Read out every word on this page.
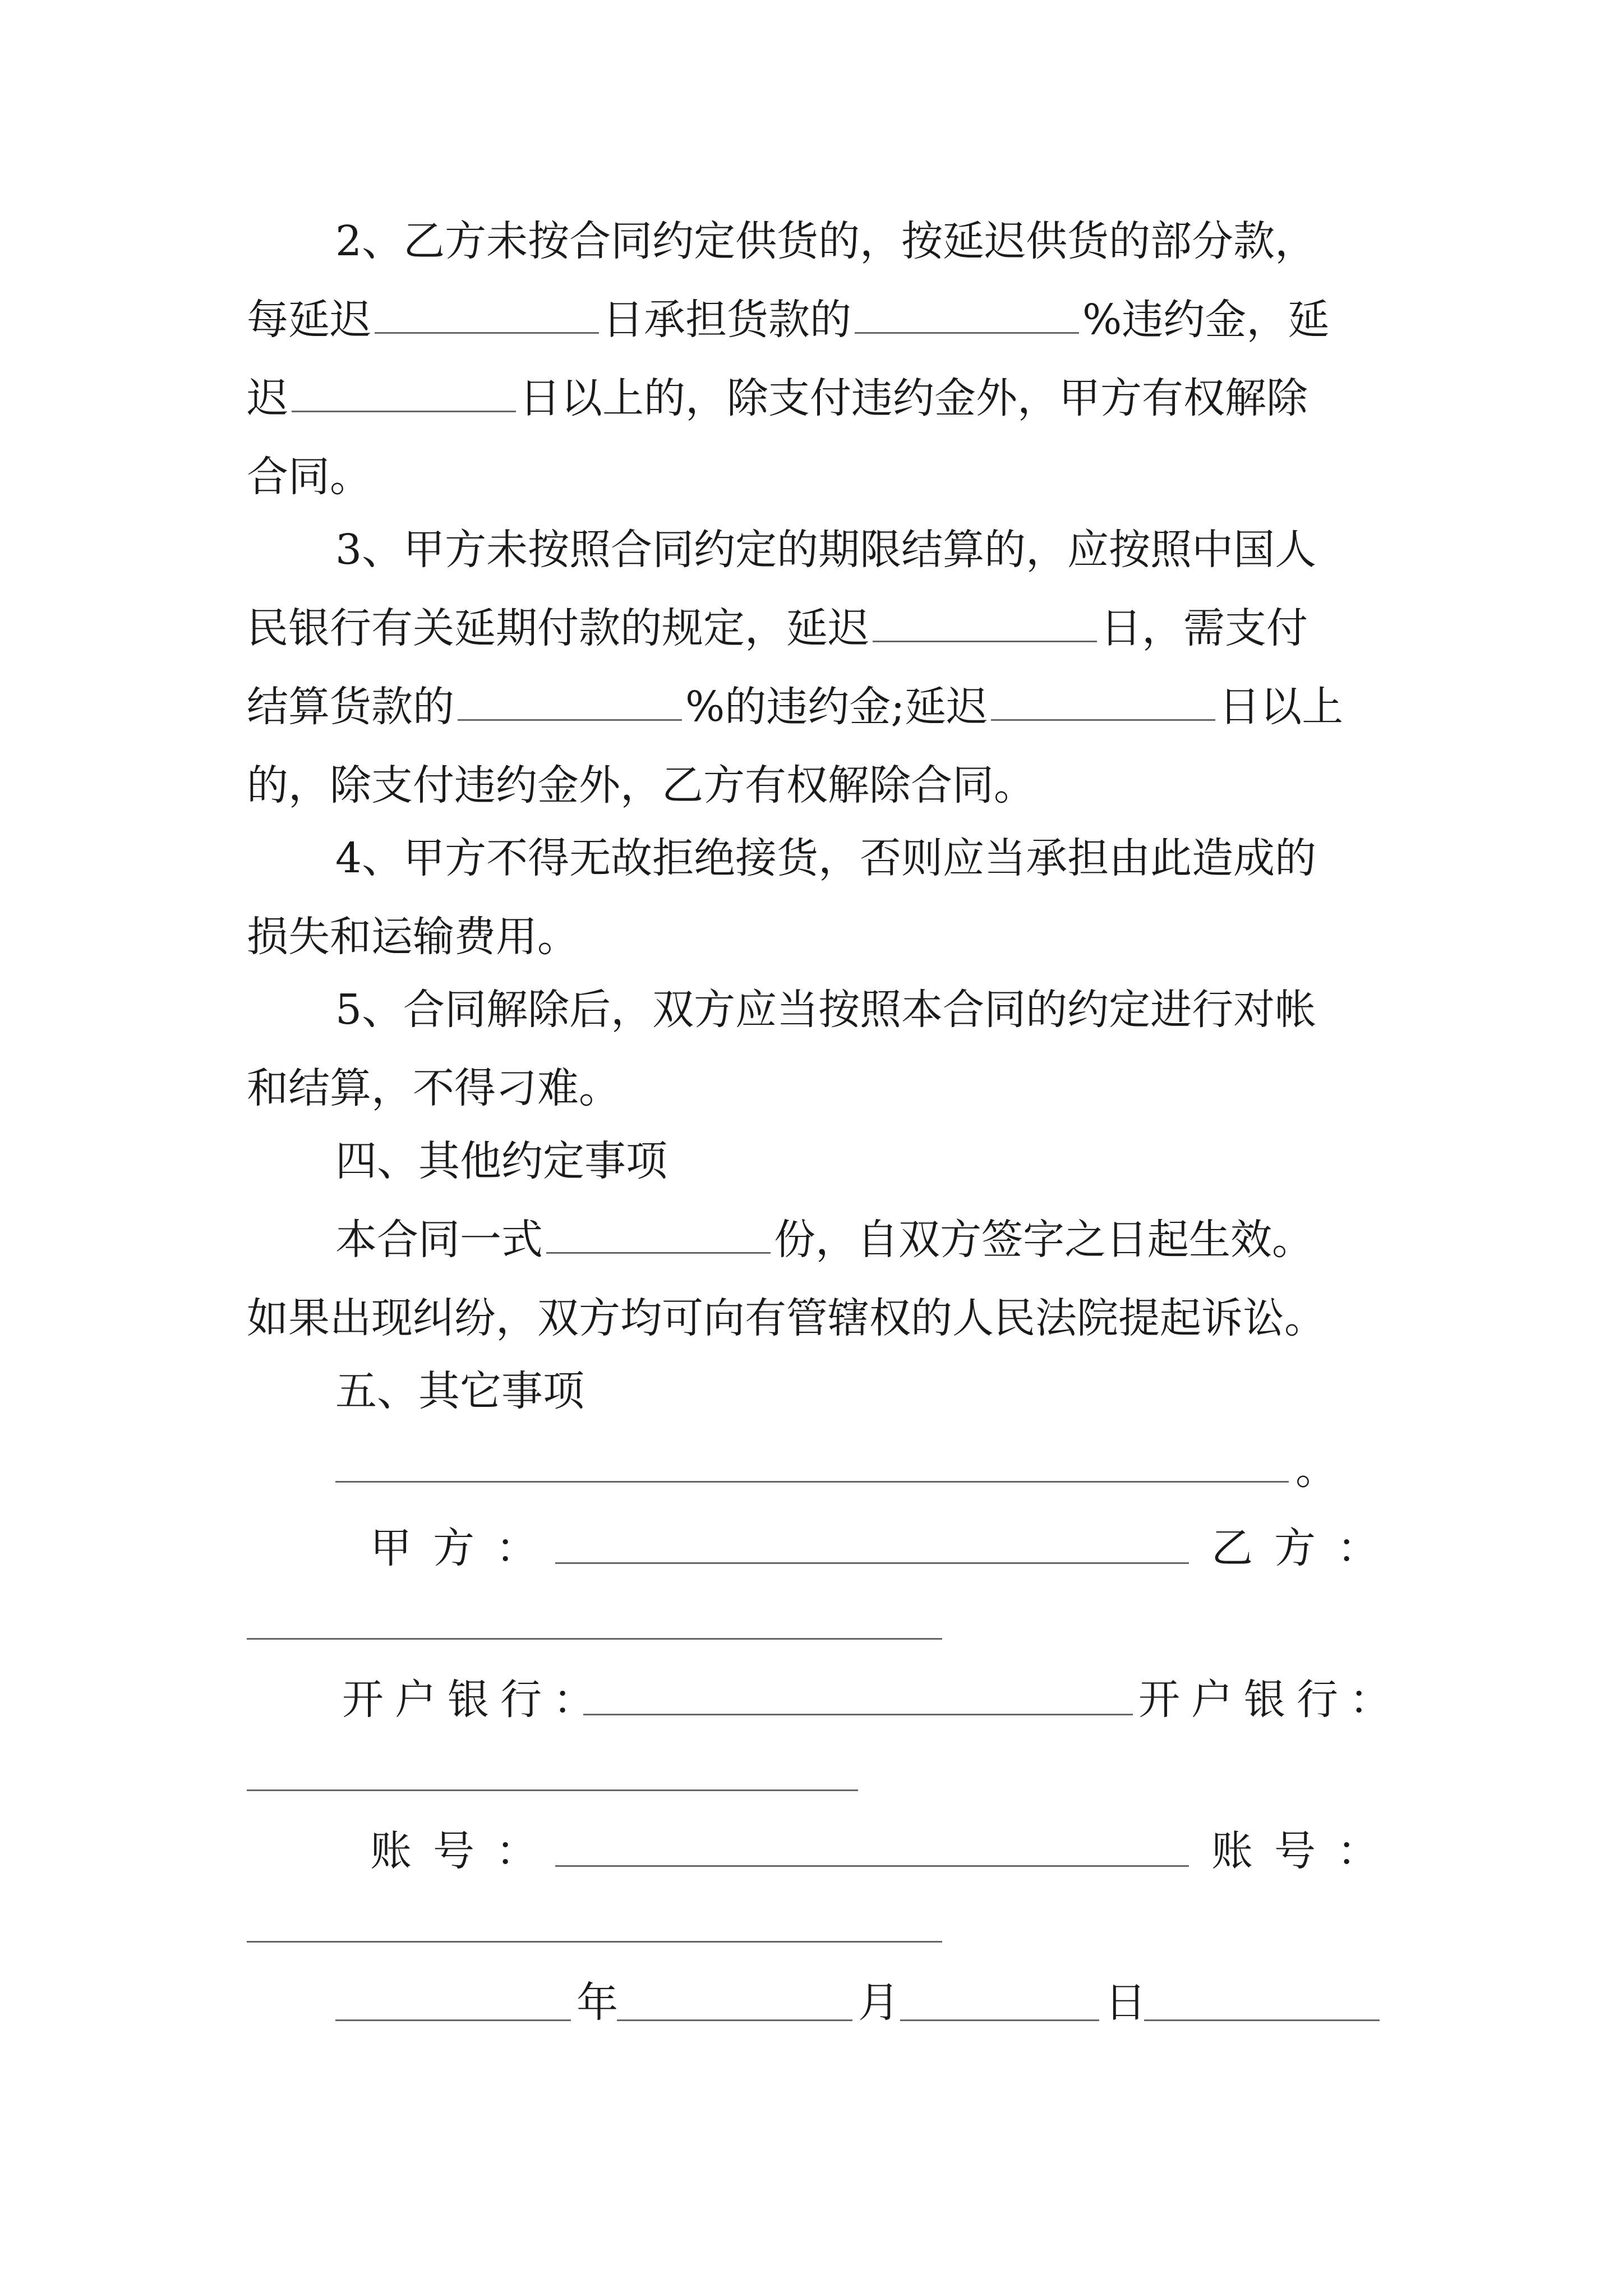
2、乙方未按合同约定供货的，按延迟供货的部分款，
每延迟	日承担货款的	%违约金，延
迟	日以上的，除支付违约金外，甲方有权解除
合同。
3、甲方未按照合同约定的期限结算的，应按照中国人
民银行有关延期付款的规定，延迟	日，需支付
结算货款的	%的违约金;延迟	日以上
的，除支付违约金外，乙方有权解除合同。
4、甲方不得无故拒绝接货，否则应当承担由此造成的
损失和运输费用。
5、合同解除后，双方应当按照本合同的约定进行对帐
和结算，不得刁难。
四、其他约定事项
本合同一式	份，自双方签字之日起生效。
如果出现纠纷，双方均可向有管辖权的人民法院提起诉讼。
五、其它事项
。
甲方：	乙方：
开户银行：	开户银行：
账号：	账号：
年	月	日
